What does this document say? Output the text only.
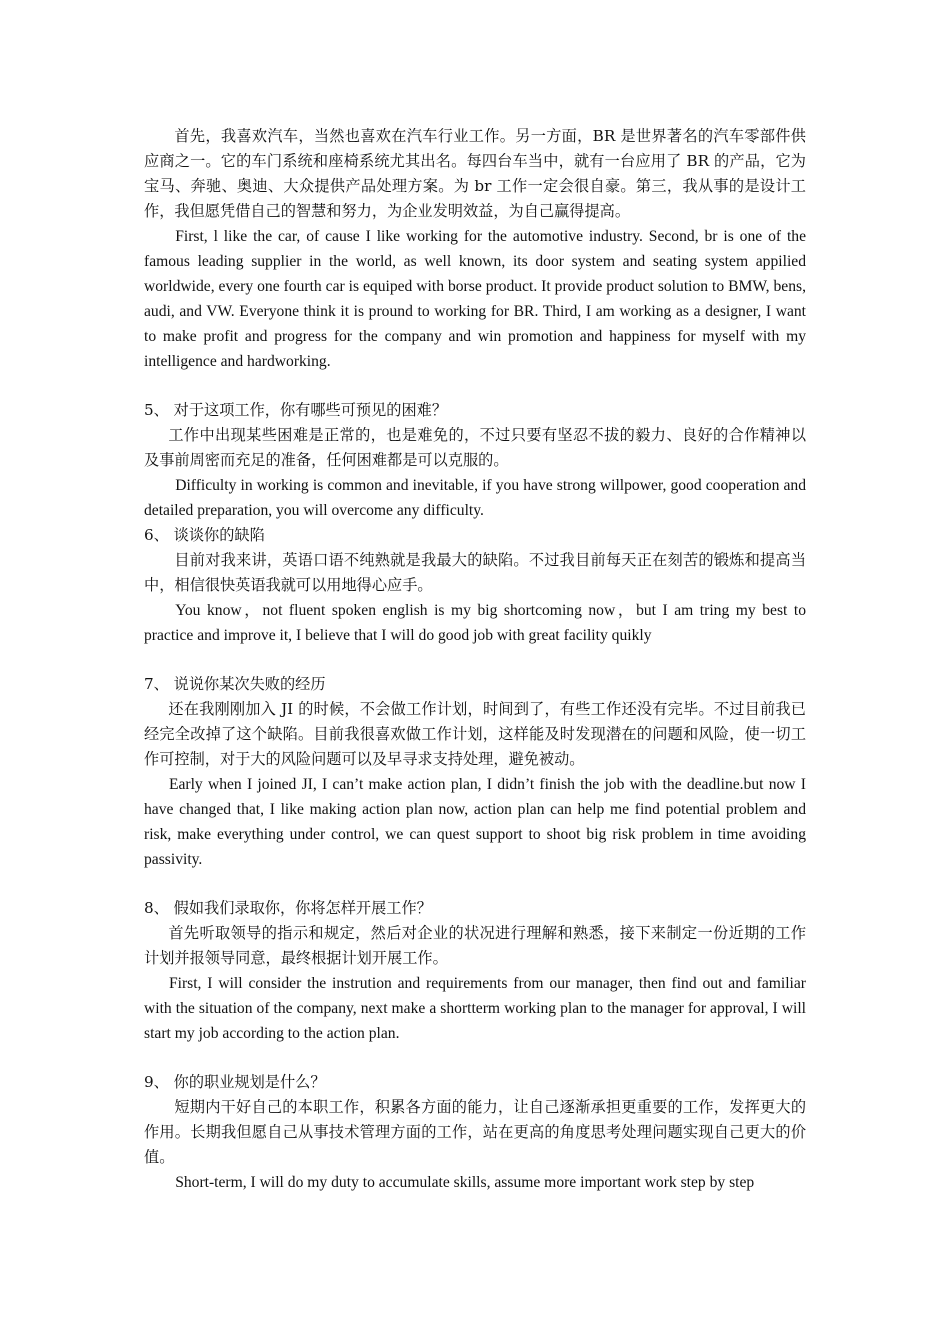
首先，我喜欢汽车，当然也喜欢在汽车行业工作。另一方面，BR 是世界著名的汽车零部件供应商之一。它的车门系统和座椅系统尤其出名。每四台车当中，就有一台应用了 BR 的产品，它为宝马、奔驰、奥迪、大众提供产品处理方案。为 br 工作一定会很自豪。第三，我从事的是设计工作，我但愿凭借自己的智慧和努力，为企业发明效益，为自己赢得提高。

First, l like the car, of cause I like working for the automotive industry. Second, br is one of the famous leading supplier in the world, as well known, its door system and seating system appilied worldwide, every one fourth car is equiped with borse product. It provide product solution to BMW, bens, audi, and VW. Everyone think it is pround to working for BR. Third, I am working as a designer, I want to make profit and progress for the company and win promotion and happiness for myself with my intelligence and hardworking.

5、 对于这项工作，你有哪些可预见的困难？

工作中出现某些困难是正常的，也是难免的，不过只要有坚忍不拔的毅力、良好的合作精神以及事前周密而充足的准备，任何困难都是可以克服的。

Difficulty in working is common and inevitable, if you have strong willpower, good cooperation and detailed preparation, you will overcome any difficulty.

6、 谈谈你的缺陷

目前对我来讲，英语口语不纯熟就是我最大的缺陷。不过我目前每天正在刻苦的锻炼和提高当中，相信很快英语我就可以用地得心应手。

You know，not fluent spoken english is my big shortcoming now，but I am tring my best to practice and improve it, I believe that I will do good job with great facility quikly

7、 说说你某次失败的经历

还在我刚刚加入 JI 的时候，不会做工作计划，时间到了，有些工作还没有完毕。不过目前我已经完全改掉了这个缺陷。目前我很喜欢做工作计划，这样能及时发现潜在的问题和风险，使一切工作可控制，对于大的风险问题可以及早寻求支持处理，避免被动。

Early when I joined JI, I can’t make action plan, I didn’t finish the job with the deadline.but now I have changed that, I like making action plan now, action plan can help me find potential problem and risk, make everything under control, we can quest support to shoot big risk problem in time avoiding passivity.

8、 假如我们录取你，你将怎样开展工作？

首先听取领导的指示和规定，然后对企业的状况进行理解和熟悉，接下来制定一份近期的工作计划并报领导同意，最终根据计划开展工作。

First, I will consider the instrution and requirements from our manager, then find out and familiar with the situation of the company, next make a shortterm working plan to the manager for approval, I will start my job according to the action plan.

9、 你的职业规划是什么？

短期内干好自己的本职工作，积累各方面的能力，让自己逐渐承担更重要的工作，发挥更大的作用。长期我但愿自己从事技术管理方面的工作，站在更高的角度思考处理问题实现自己更大的价值。

Short-term, I will do my duty to accumulate skills, assume more important work step by step
